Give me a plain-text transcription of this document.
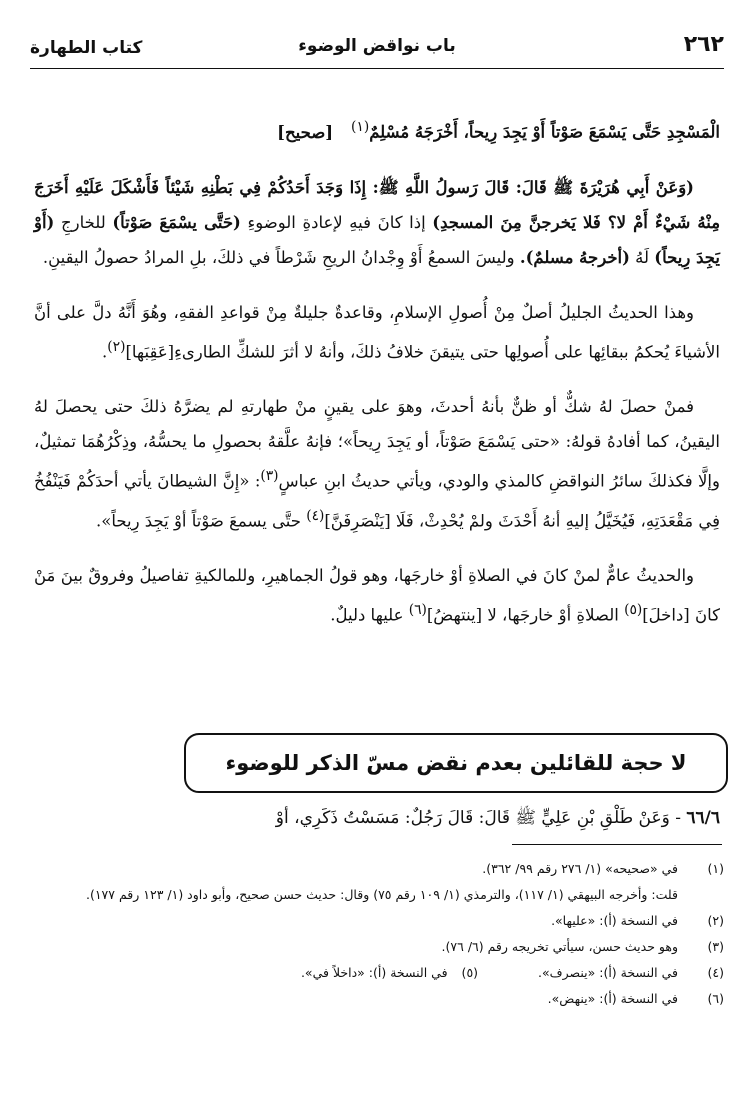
٢٦٢
باب نواقض الوضوء
كتاب الطهارة

الْمَسْجِدِ حَتَّى يَسْمَعَ صَوْتاً أَوْ يَجِدَ رِيحاً، أَخْرَجَهُ مُسْلِمٌ$^{(١)}$[صحيح]

(وَعَنْ أَبِي هُرَيْرَةَ ﷺ قَالَ: قَالَ رَسولُ اللَّهِ ﷺ: إِذَا وَجَدَ أَحَدُكُمْ فِي بَطْنِهِ شَيْئاً فَأَشْكَلَ عَلَيْهِ أَخَرَجَ مِنْهُ شَيْءٌ أَمْ لا؟ فَلا يَخرجنَّ مِنَ المسجدِ) إذا كانَ فيهِ لإعادةِ الوضوءِ (حَتَّى يسْمَعَ صَوْتاً) للخارجِ (أَوْ يَجِدَ رِيحاً) لَهُ (أخرجهُ مسلمٌ). وليسَ السمعُ أَوْ وِجْدانُ الريحِ شَرْطاً في ذلكَ، بلِ المرادُ حصولُ اليقينِ.

وهذا الحديثُ الجليلُ أصلٌ مِنْ أُصولِ الإسلامِ، وقاعدةٌ جليلةٌ مِنْ قواعدِ الفقهِ، وهُوَ أَنَّهُ دلَّ على أنَّ الأشياءَ يُحكمُ ببقائِها على أُصولِها حتى يتيقنَ خلافُ ذلكَ، وأنهُ لا أثرَ للشكِّ الطارىءِ[عَقِبَها]$^{(٢)}$.

فمنْ حصلَ لهُ شكٌّ أو ظنٌّ بأنهُ أحدثَ، وهوَ على يقينٍ منْ طهارتهِ لم يضرَّهُ ذلكَ حتى يحصلَ لهُ اليقينُ، كما أفادهُ قولهُ: «حتى يَسْمَعَ صَوْتاً، أو يَجِدَ رِيحاً»؛ فإنهُ علَّقهُ بحصولِ ما يحسُّهُ، وذِكْرُهُمَا تمثيلٌ، وإلَّا فكذلكَ سائرُ النواقضِ كالمذي والودي، ويأتي حديثُ ابنِ عباسٍ$^{(٣)}$: «إِنَّ الشيطانَ يأتي أحدَكُمْ فَيَنْفُخُ فِي مَقْعَدَتِهِ، فَيُخَيَّلُ إليهِ أنهُ أَحْدَثَ ولمْ يُحْدِثْ، فَلَا [يَنْصَرِفَنَّ]$^{(٤)}$ حتَّى يسمعَ صَوْتاً أوْ يَجِدَ رِيحاً».

والحديثُ عامٌّ لمنْ كانَ في الصلاةِ أوْ خارجَها، وهو قولُ الجماهيرِ، وللمالكيةِ تفاصيلُ وفروقٌ بينَ مَنْ كانَ [داخلَ]$^{(٥)}$ الصلاةِ أوْ خارجَها، لا [ينتهضُ]$^{(٦)}$ عليها دليلٌ.

لا حجة للقائلين بعدم نقض مسّ الذكر للوضوء
٦٦/٦ - وَعَنْ طَلْقِ بْنِ عَلِيٍّ ﷺ قَالَ: قَالَ رَجُلٌ: مَسَسْتُ ذَكَرِي، أوْ
(١)
في «صحيحه» (١/ ٢٧٦ رقم ٩٩/ ٣٦٢).
قلت: وأخرجه البيهقي (١/ ١١٧)، والترمذي (١/ ١٠٩ رقم ٧٥) وقال: حديث حسن صحيح، وأبو داود (١/ ١٢٣ رقم ١٧٧).
(٢)
في النسخة (أ): «عليها».
(٣)
وهو حديث حسن، سيأتي تخريجه رقم (٦/ ٧٦).
(٤)
في النسخة (أ): «ينصرف».(٥)في النسخة (أ): «داخلاً في».
(٦)
في النسخة (أ): «ينهض».
